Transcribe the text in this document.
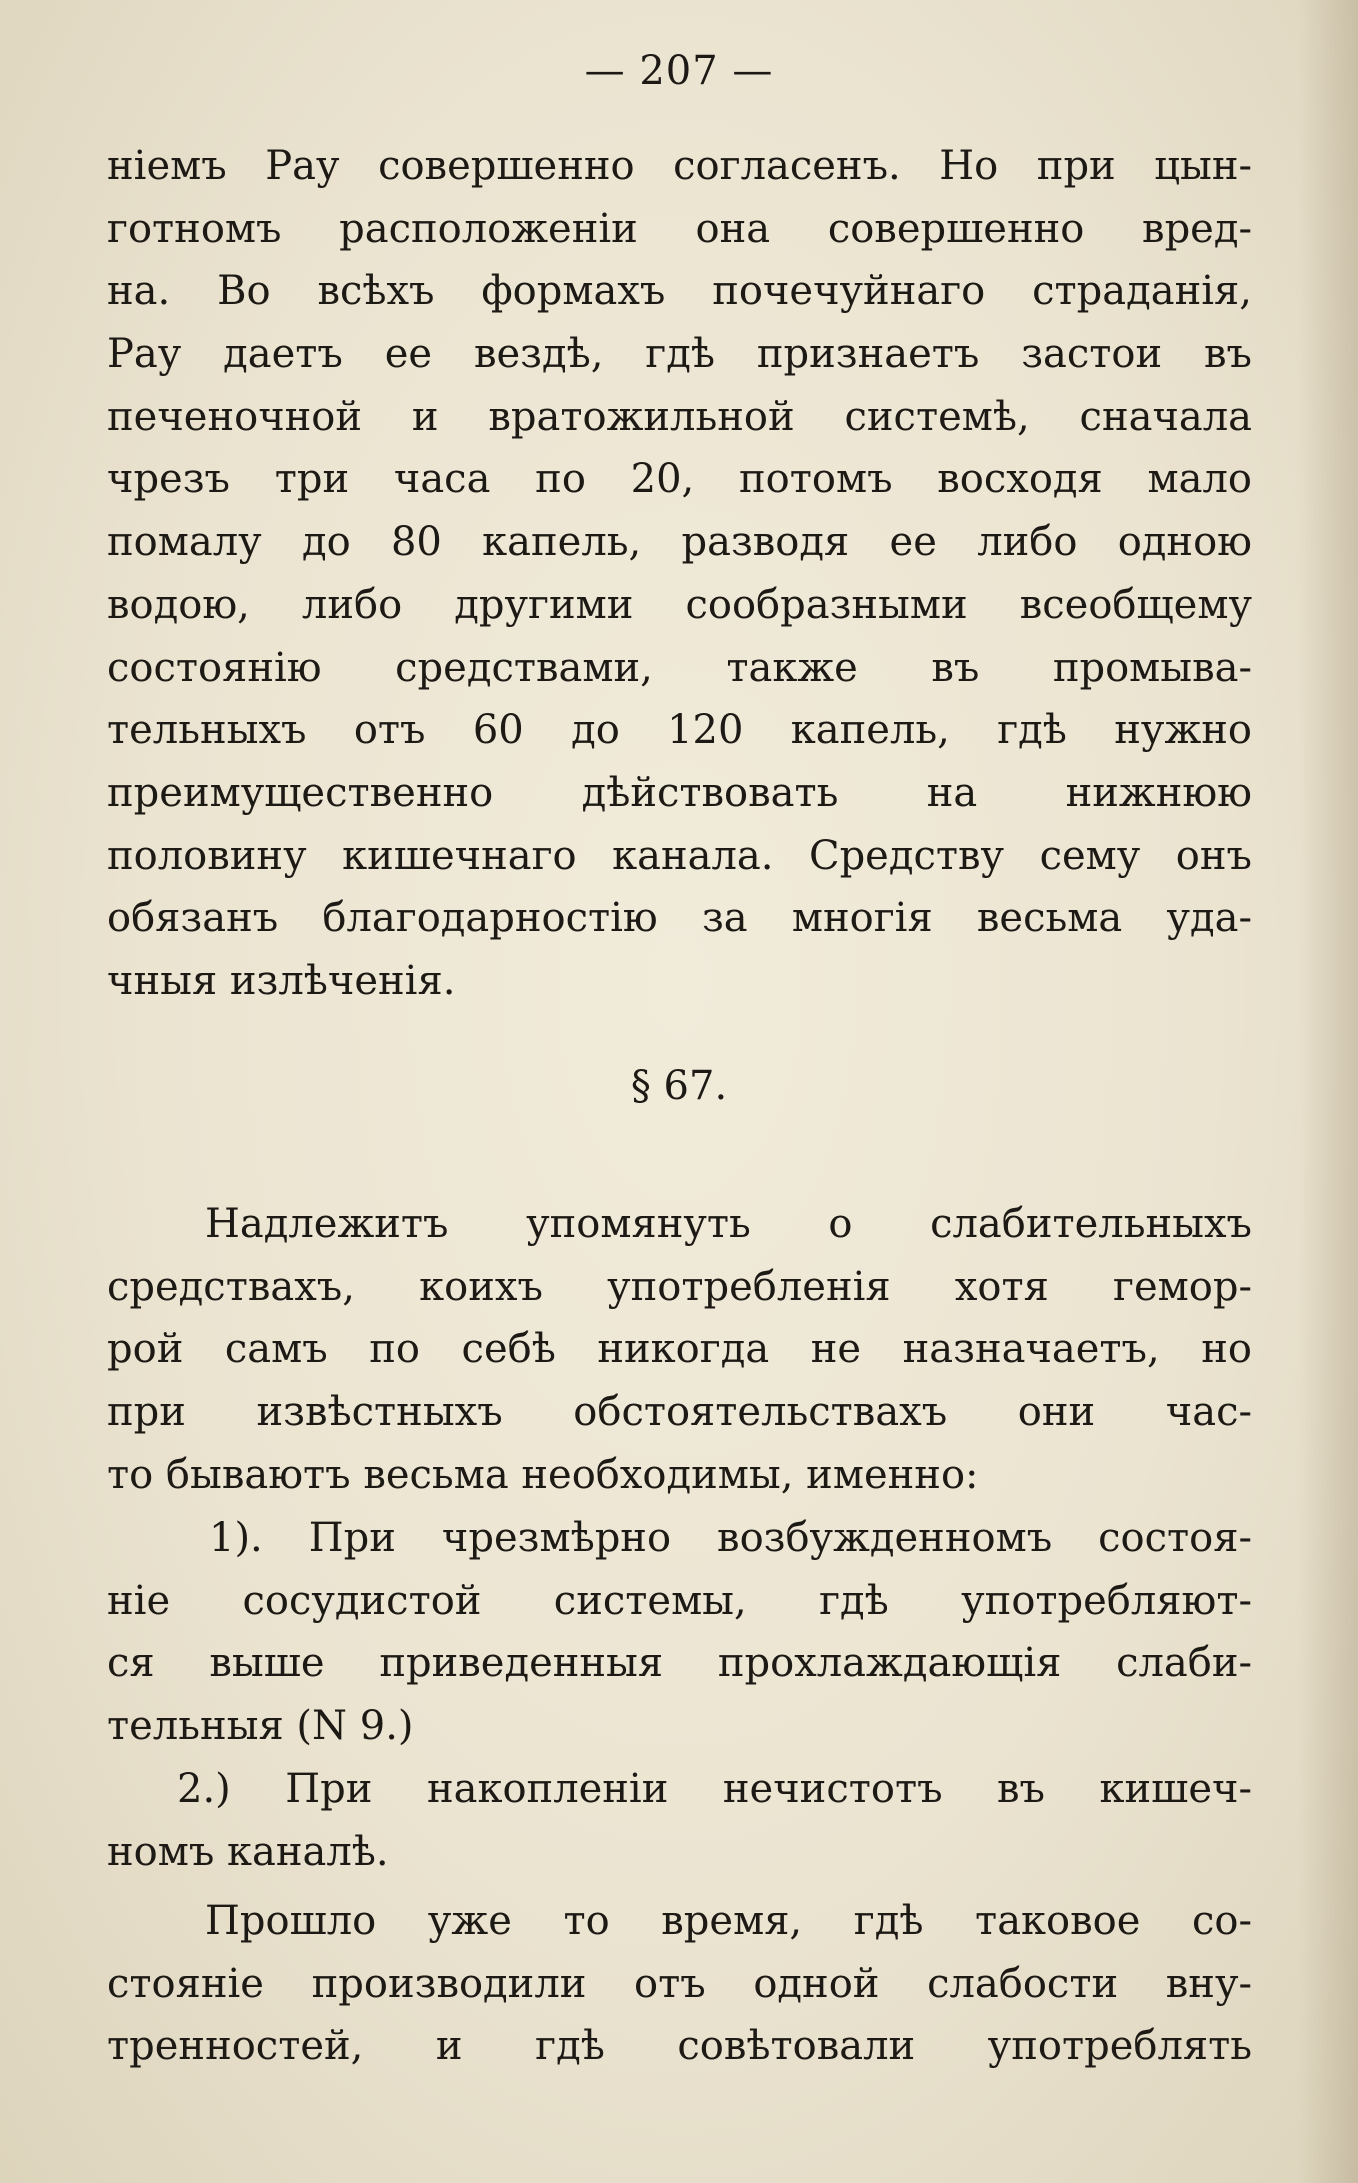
— 207 —

нiемъ Рау совершенно согласенъ. Но при цын-
готномъ расположенiи она совершенно вред-
на. Во всѣхъ формахъ почечуйнаго страданiя,
Рау даетъ ее вездѣ, гдѣ признаетъ застои въ
печеночной и вратожильной системѣ, сначала
чрезъ три часа по 20, потомъ восходя мало
помалу до 80 капель, разводя ее либо одною
водою, либо другими сообразными всеобщему
состоянiю средствами, также въ промыва-
тельныхъ отъ 60 до 120 капель, гдѣ нужно
преимущественно дѣйствовать на нижнюю
половину кишечнаго канала. Средству сему онъ
обязанъ благодарностiю за многiя весьма уда-
чныя излѣченiя.

§ 67.

Надлежитъ упомянуть о слабительныхъ
средствахъ, коихъ употребленiя хотя гемор-
рой самъ по себѣ никогда не назначаетъ, но
при извѣстныхъ обстоятельствахъ они час-
то бываютъ весьма необходимы, именно:
1). При чрезмѣрно возбужденномъ состоя-
нiе сосудистой системы, гдѣ употребляют-
ся выше приведенныя прохлаждающiя слаби-
тельныя (N 9.)
2.) При накопленiи нечистотъ въ кишеч-
номъ каналѣ.
Прошло уже то время, гдѣ таковое со-
стоянiе производили отъ одной слабости вну-
тренностей, и гдѣ совѣтовали употреблять
